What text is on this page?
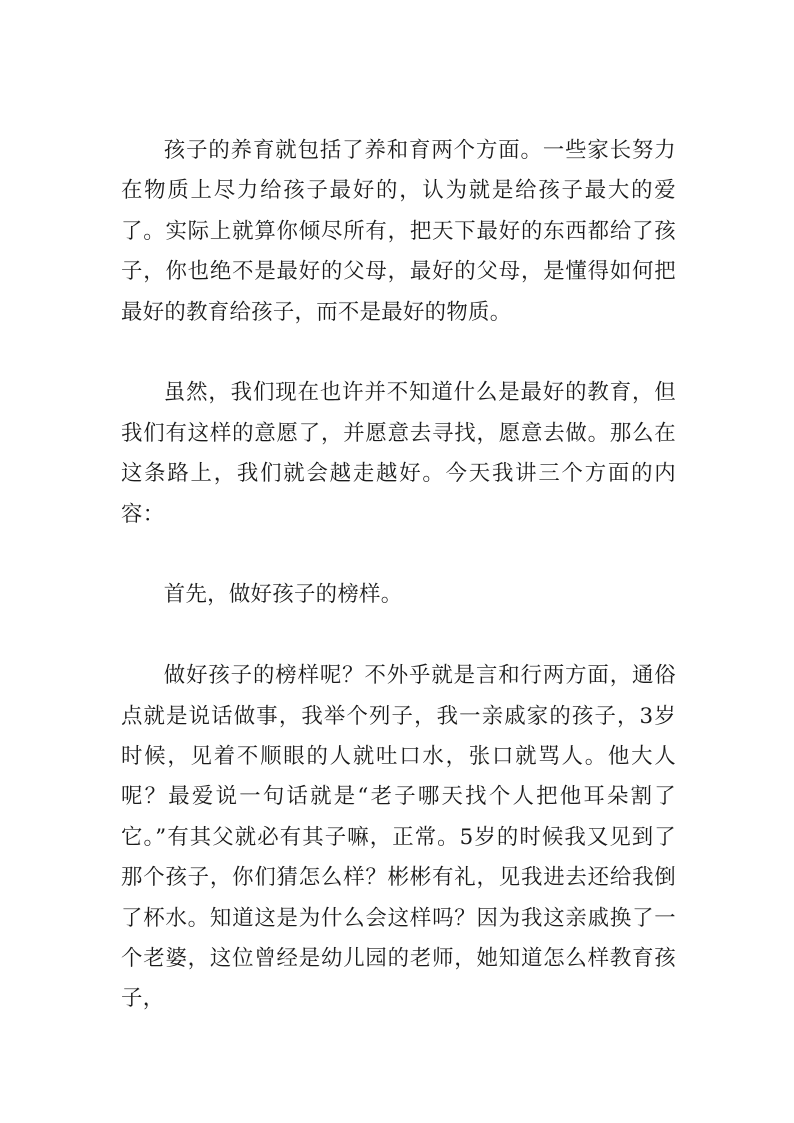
孩子的养育就包括了养和育两个方面。一些家长努力在物质上尽力给孩子最好的，认为就是给孩子最大的爱了。实际上就算你倾尽所有，把天下最好的东西都给了孩子，你也绝不是最好的父母，最好的父母，是懂得如何把最好的教育给孩子，而不是最好的物质。

虽然，我们现在也许并不知道什么是最好的教育，但我们有这样的意愿了，并愿意去寻找，愿意去做。那么在这条路上，我们就会越走越好。今天我讲三个方面的内容：

首先，做好孩子的榜样。

做好孩子的榜样呢？不外乎就是言和行两方面，通俗点就是说话做事，我举个列子，我一亲戚家的孩子，3岁时候，见着不顺眼的人就吐口水，张口就骂人。他大人呢？最爱说一句话就是“老子哪天找个人把他耳朵割了它。”有其父就必有其子嘛，正常。5岁的时候我又见到了那个孩子，你们猜怎么样？彬彬有礼，见我进去还给我倒了杯水。知道这是为什么会这样吗？因为我这亲戚换了一个老婆，这位曾经是幼儿园的老师，她知道怎么样教育孩子，
